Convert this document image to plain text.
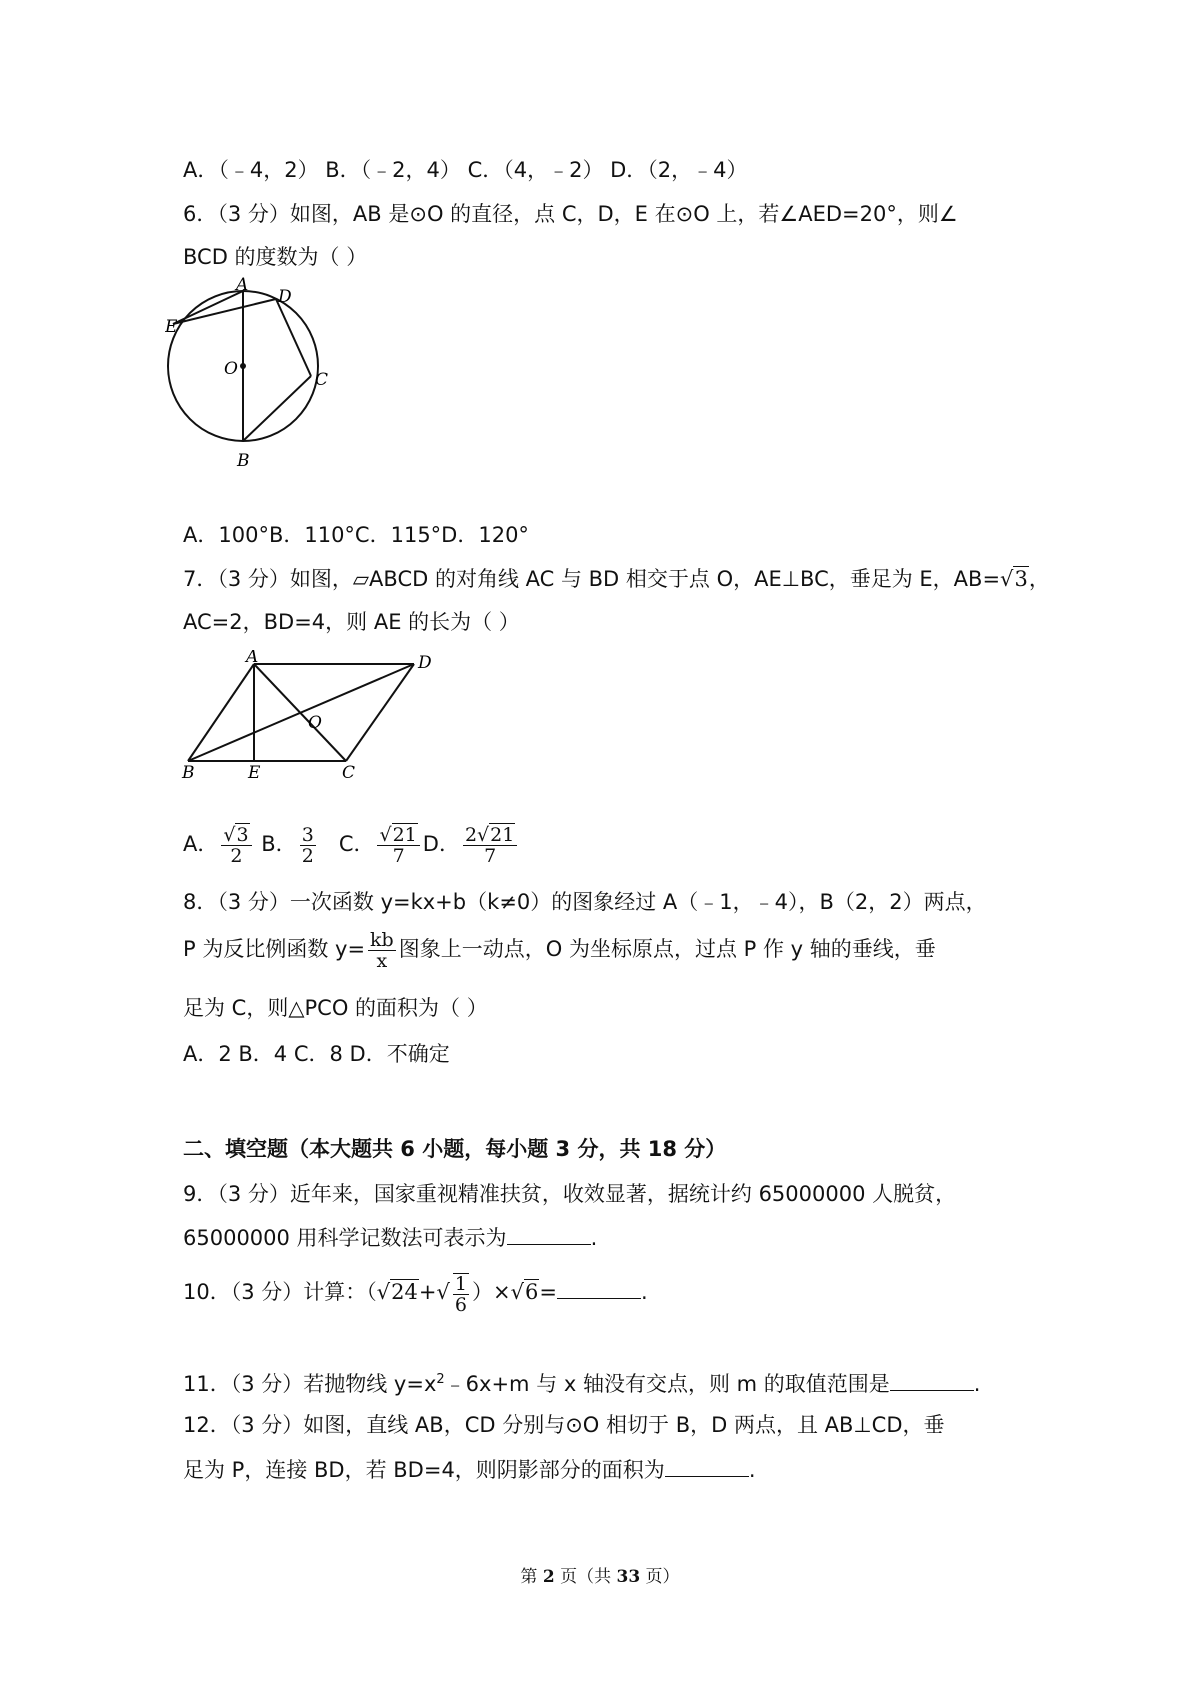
A．（﹣4，2） B．（﹣2，4） C．（4，﹣2） D．（2，﹣4）
6．（3 分）如图，AB 是⊙O 的直径，点 C，D，E 在⊙O 上，若∠AED=20°，则∠
BCD 的度数为（ ）
A
D
E
O
C
B
A．100°B．110°C．115°D．120°
7．（3 分）如图，▱ABCD 的对角线 AC 与 BD 相交于点 O，AE⊥BC，垂足为 E，AB=√3，
AC=2，BD=4，则 AE 的长为（ ）
A	D
O
B	E	C
A． $\frac{√3}{2}$ B． $\frac{3}{2}$ C． $\frac{√21}{7}$ D． $\frac{2√21}{7}$
8．（3 分）一次函数 y=kx+b（k≠0）的图象经过 A（﹣1，﹣4），B（2，2）两点，
P 为反比例函数 $y= \frac{kb}{x}$ 图象上一动点，O 为坐标原点，过点 P 作 y 轴的垂线，垂
足为 C，则△PCO 的面积为（ ）
A．2 B．4 C．8 D．不确定
二、填空题（本大题共 6 小题，每小题 3 分，共 18 分）
9．（3 分）近年来，国家重视精准扶贫，收效显著，据统计约 65000000 人脱贫，
65000000 用科学记数法可表示为	.
10．（3 分）计算：$(√24+√ \frac{1}{6} )\times√6=$	.
11．（3 分）若抛物线 $y=x^2﹣6x+m$ 与 x 轴没有交点，则 m 的取值范围是	.
12．（3 分）如图，直线 AB，CD 分别与⊙O 相切于 B，D 两点，且 AB⊥CD，垂
足为 P，连接 BD，若 BD=4，则阴影部分的面积为	.
第 2 页（共 33 页）
